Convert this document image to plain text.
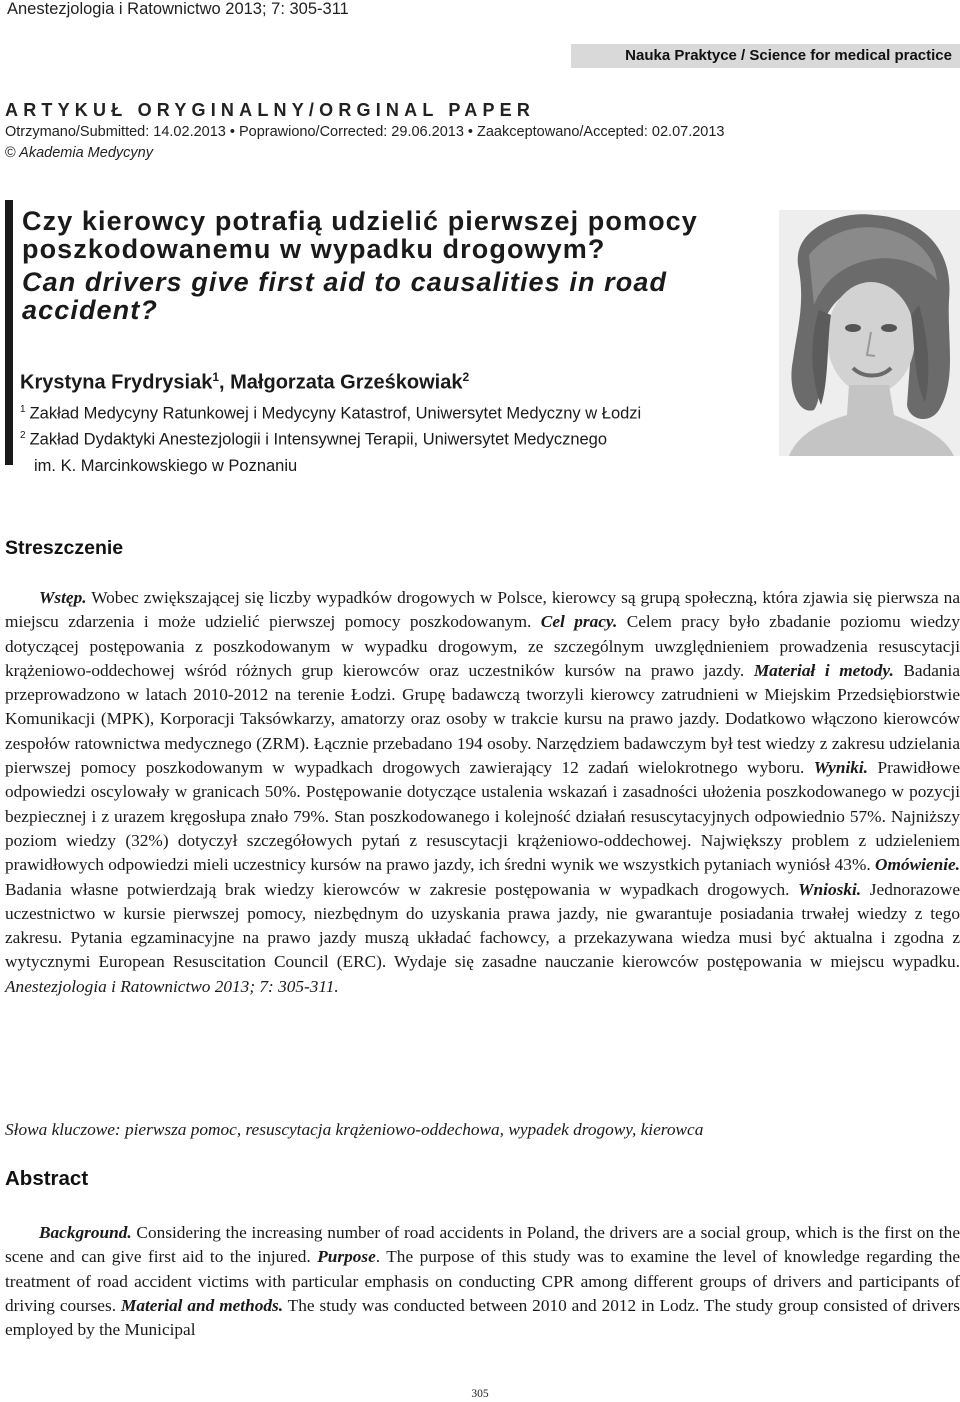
Anestezjologia i Ratownictwo 2013; 7: 305-311
Nauka Praktyce / Science for medical practice
ARTYKUŁ ORYGINALNY/ORGINAL PAPER
Otrzymano/Submitted: 14.02.2013 • Poprawiono/Corrected: 29.06.2013 • Zaakceptowano/Accepted: 02.07.2013
© Akademia Medycyny
Czy kierowcy potrafią udzielić pierwszej pomocy poszkodowanemu w wypadku drogowym?
Can drivers give first aid to causalities in road accident?
Krystyna Frydrysiak$^1$, Małgorzata Grześkowiak$^2$
$^1$ Zakład Medycyny Ratunkowej i Medycyny Katastrof, Uniwersytet Medyczny w Łodzi
$^2$ Zakład Dydaktyki Anestezjologii i Intensywnej Terapii, Uniwersytet Medycznego
im. K. Marcinkowskiego w Poznaniu
Streszczenie
Wstęp. Wobec zwiększającej się liczby wypadków drogowych w Polsce, kierowcy są grupą społeczną, która zjawia się pierwsza na miejscu zdarzenia i może udzielić pierwszej pomocy poszkodowanym. Cel pracy. Celem pracy było zbadanie poziomu wiedzy dotyczącej postępowania z poszkodowanym w wypadku drogowym, ze szczególnym uwzględnieniem prowadzenia resuscytacji krążeniowo-oddechowej wśród różnych grup kierowców oraz uczestników kursów na prawo jazdy. Materiał i metody. Badania przeprowadzono w latach 2010-2012 na terenie Łodzi. Grupę badawczą tworzyli kierowcy zatrudnieni w Miejskim Przedsiębiorstwie Komunikacji (MPK), Korporacji Taksówkarzy, amatorzy oraz osoby w trakcie kursu na prawo jazdy. Dodatkowo włączono kierowców zespołów ratownictwa medycznego (ZRM). Łącznie przebadano 194 osoby. Narzędziem badawczym był test wiedzy z zakresu udzielania pierwszej pomocy poszkodowanym w wypadkach drogowych zawierający 12 zadań wielokrotnego wyboru. Wyniki. Prawidłowe odpowiedzi oscylowały w granicach 50%. Postępowanie dotyczące ustalenia wskazań i zasadności ułożenia poszkodowanego w pozycji bezpiecznej i z urazem kręgosłupa znało 79%. Stan poszkodowanego i kolejność działań resuscytacyjnych odpowiednio 57%. Najniższy poziom wiedzy (32%) dotyczył szczegółowych pytań z resuscytacji krążeniowo-oddechowej. Największy problem z udzieleniem prawidłowych odpowiedzi mieli uczestnicy kursów na prawo jazdy, ich średni wynik we wszystkich pytaniach wyniósł 43%. Omówienie. Badania własne potwierdzają brak wiedzy kierowców w zakresie postępowania w wypadkach drogowych. Wnioski. Jednorazowe uczestnictwo w kursie pierwszej pomocy, niezbędnym do uzyskania prawa jazdy, nie gwarantuje posiadania trwałej wiedzy z tego zakresu. Pytania egzaminacyjne na prawo jazdy muszą układać fachowcy, a przekazywana wiedza musi być aktualna i zgodna z wytycznymi European Resuscitation Council (ERC). Wydaje się zasadne nauczanie kierowców postępowania w miejscu wypadku. Anestezjologia i Ratownictwo 2013; 7: 305-311.
Słowa kluczowe: pierwsza pomoc, resuscytacja krążeniowo-oddechowa, wypadek drogowy, kierowca
Abstract
Background. Considering the increasing number of road accidents in Poland, the drivers are a social group, which is the first on the scene and can give first aid to the injured. Purpose. The purpose of this study was to examine the level of knowledge regarding the treatment of road accident victims with particular emphasis on conducting CPR among different groups of drivers and participants of driving courses. Material and methods. The study was conducted between 2010 and 2012 in Lodz. The study group consisted of drivers employed by the Municipal
305
